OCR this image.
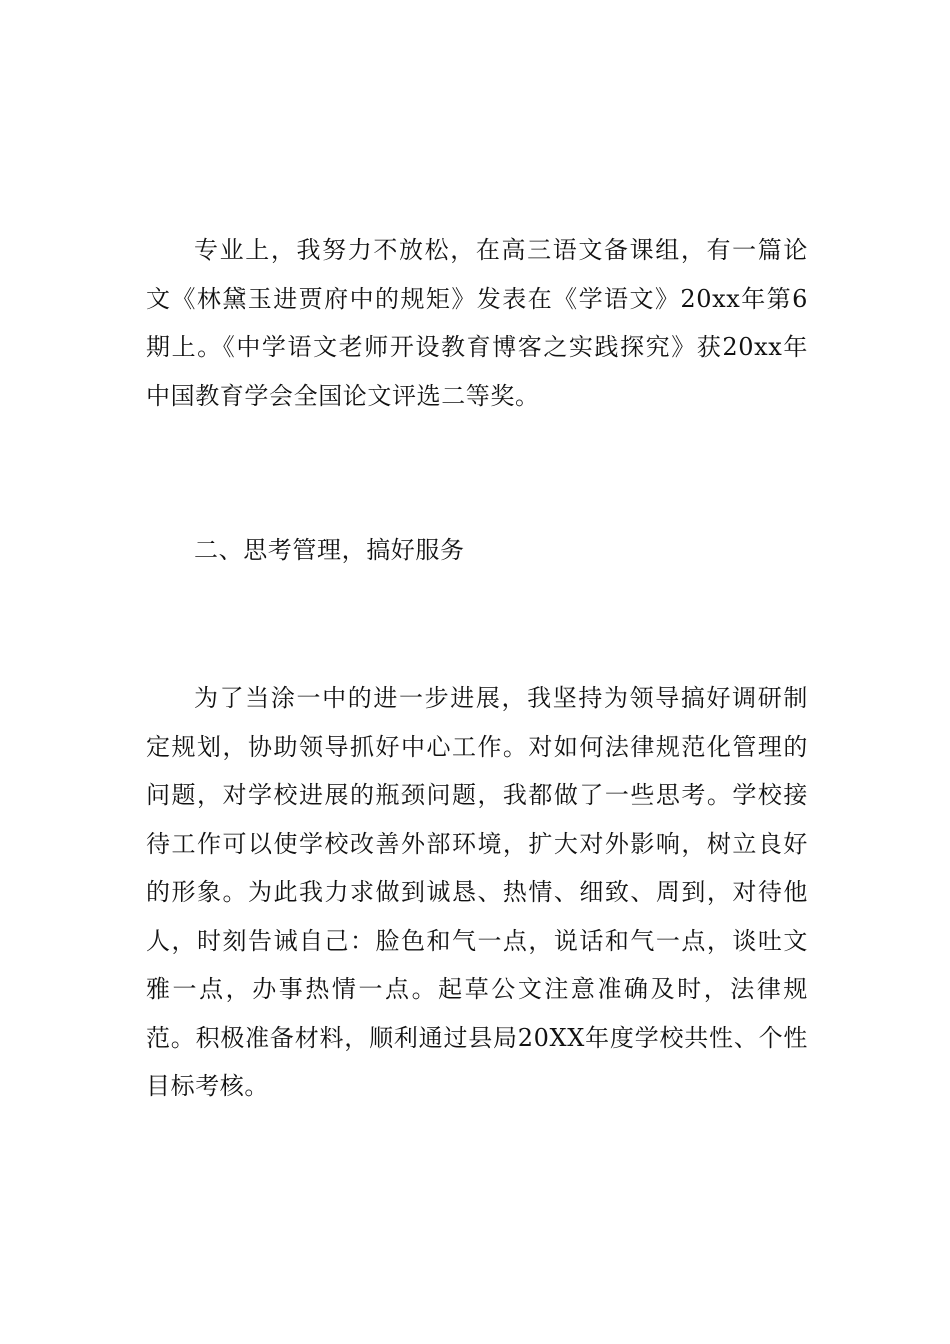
专业上，我努力不放松，在高三语文备课组，有一篇论文《林黛玉进贾府中的规矩》发表在《学语文》20xx年第6期上。《中学语文老师开设教育博客之实践探究》获20xx年中国教育学会全国论文评选二等奖。

二、思考管理，搞好服务

为了当涂一中的进一步进展，我坚持为领导搞好调研制定规划，协助领导抓好中心工作。对如何法律规范化管理的问题，对学校进展的瓶颈问题，我都做了一些思考。学校接待工作可以使学校改善外部环境，扩大对外影响，树立良好的形象。为此我力求做到诚恳、热情、细致、周到，对待他人，时刻告诫自己：脸色和气一点，说话和气一点，谈吐文雅一点，办事热情一点。起草公文注意准确及时，法律规范。积极准备材料，顺利通过县局20XX年度学校共性、个性目标考核。
